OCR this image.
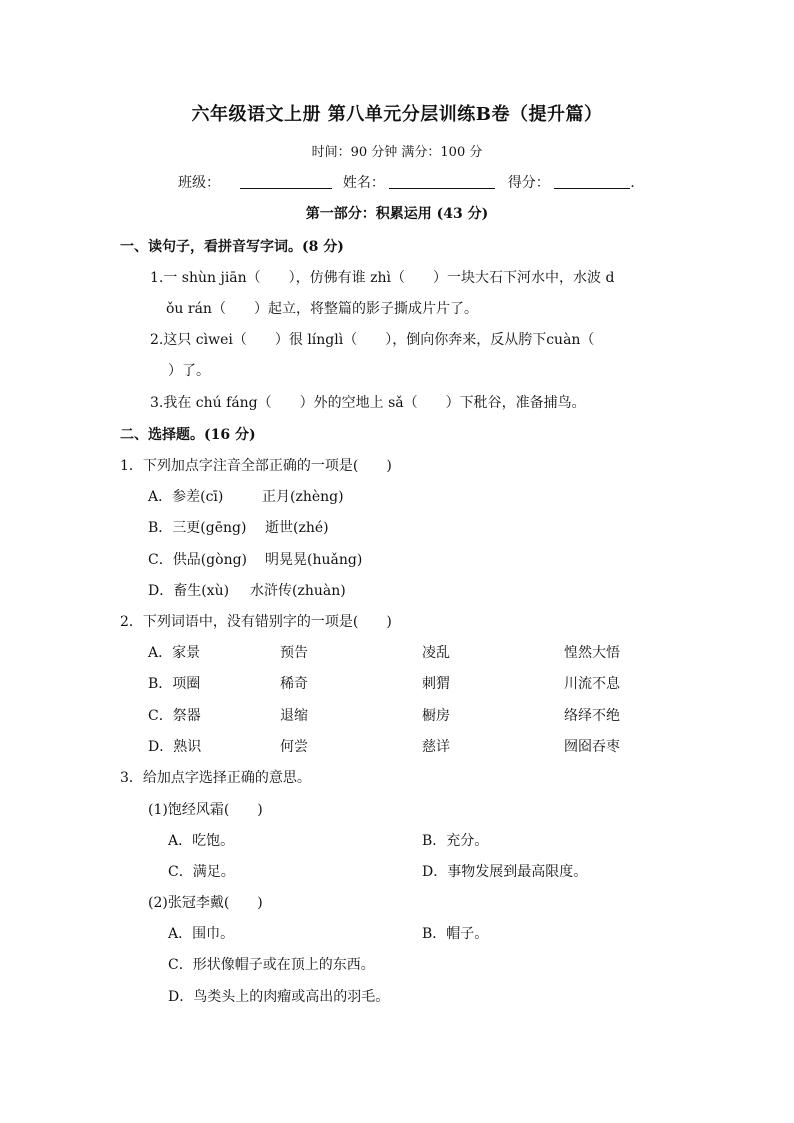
六年级语文上册 第八单元分层训练B卷（提升篇）
时间：90 分钟 满分：100 分
班级：	姓名：	得分：	.
第一部分：积累运用 (43 分)
一、读句子，看拼音写字词。(8 分)
1.一 shùn jiān（　　），仿佛有谁 zhì（　　）一块大石下河水中，水波 d
ǒu rán（　　）起立，将整篇的影子撕成片片了。
2.这只 cìwei（　　）很 línglì（　　），倒向你奔来，反从胯下cuàn（
）了。
3.我在 chú fáng（　　）外的空地上 sǎ（　　）下秕谷，准备捕鸟。
二、选择题。(16 分)
1．下列加点字注音全部正确的一项是(　　)
A．参差(cī)	正月(zhèng)
B．三更(gēng) 逝世(zhé)
C．供品(gòng) 明晃晃(huǎng)
D．畜生(xù) 水浒传(zhuàn)
2．下列词语中，没有错别字的一项是(　　)
A．家景	预告	凌乱	惶然大悟
B．项圈	稀奇	刺猬	川流不息
C．祭器	退缩	橱房	络绎不绝
D．熟识	何尝	慈详	囫囵吞枣
3．给加点字选择正确的意思。
(1)饱经风霜(　　)
A．吃饱。	B．充分。
C．满足。	D．事物发展到最高限度。
(2)张冠李戴(　　)
A．围巾。	B．帽子。
C．形状像帽子或在顶上的东西。
D．鸟类头上的肉瘤或高出的羽毛。
